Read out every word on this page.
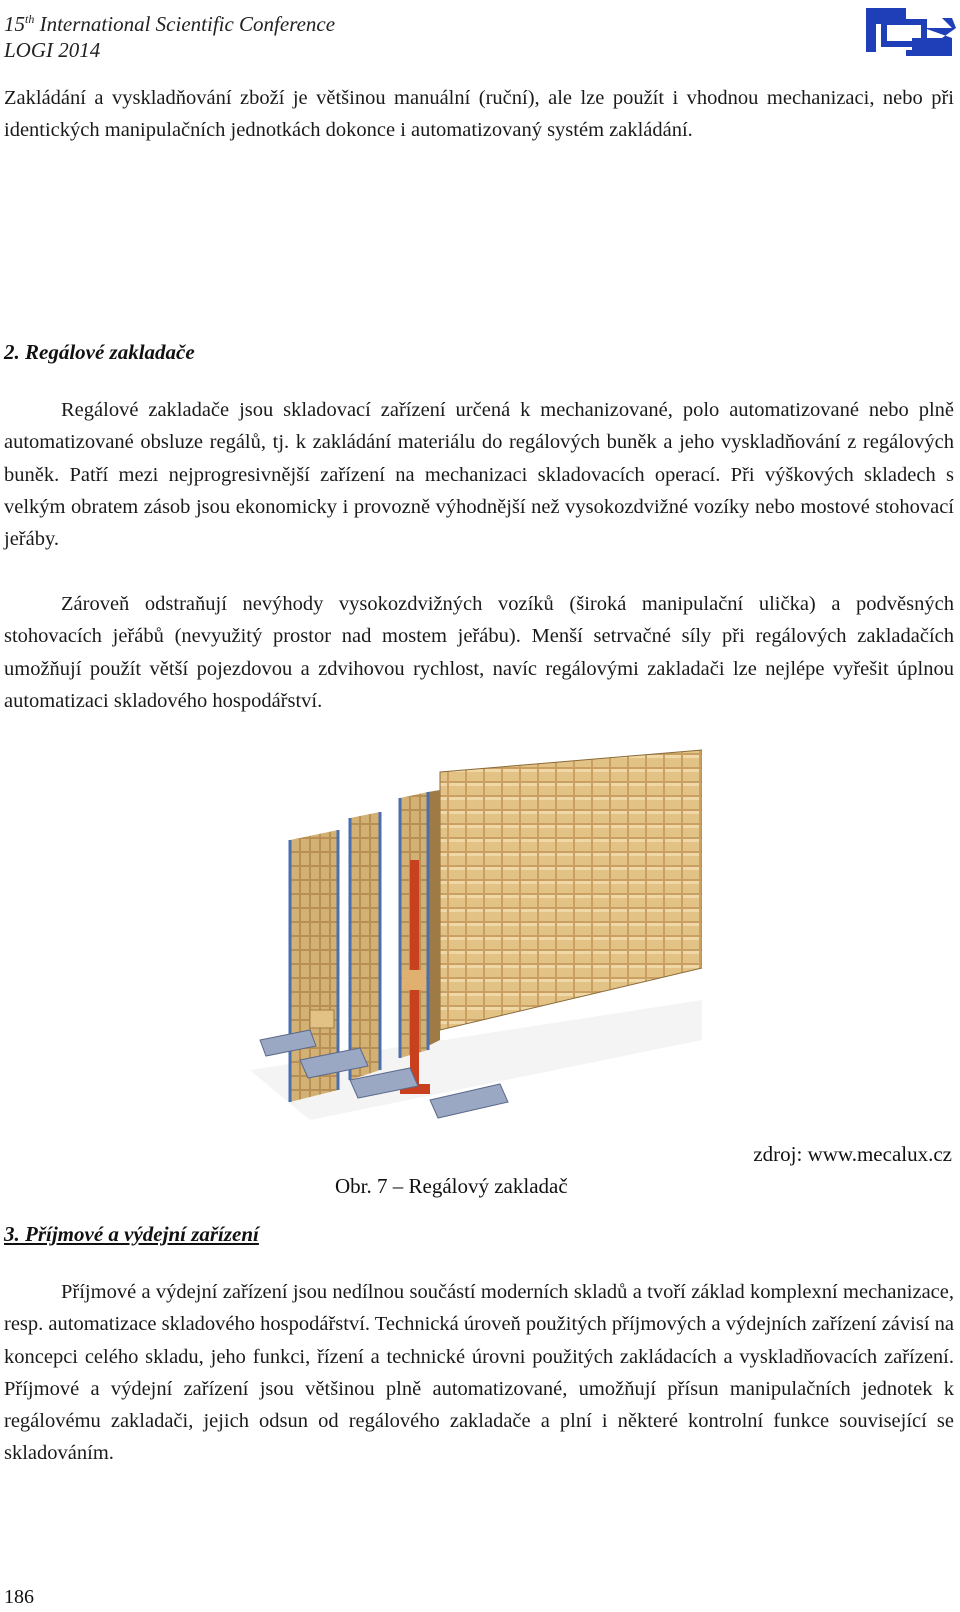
15th International Scientific Conference
LOGI 2014
Zakládání a vyskladňování zboží je většinou manuální (ruční), ale lze použít i vhodnou mechanizaci, nebo při identických manipulačních jednotkách dokonce i automatizovaný systém zakládání.
2. Regálové zakladače
Regálové zakladače jsou skladovací zařízení určená k mechanizované, polo automatizované nebo plně automatizované obsluze regálů, tj. k zakládání materiálu do regálových buněk a jeho vyskladňování z regálových buněk. Patří mezi nejprogresivnější zařízení na mechanizaci skladovacích operací. Při výškových skladech s velkým obratem zásob jsou ekonomicky i provozně výhodnější než vysokozdvižné vozíky nebo mostové stohovací jeřáby.
Zároveň odstraňují nevýhody vysokozdvižných vozíků (široká manipulační ulička) a podvěsných stohovacích jeřábů (nevyužitý prostor nad mostem jeřábu). Menší setrvačné síly při regálových zakladačích umožňují použít větší pojezdovou a zdvihovou rychlost, navíc regálovými zakladači lze nejlépe vyřešit úplnou automatizaci skladového hospodářství.
zdroj: www.mecalux.cz
Obr. 7 – Regálový zakladač
3. Příjmové a výdejní zařízení
Příjmové a výdejní zařízení jsou nedílnou součástí moderních skladů a tvoří základ komplexní mechanizace, resp. automatizace skladového hospodářství. Technická úroveň použitých příjmových a výdejních zařízení závisí na koncepci celého skladu, jeho funkci, řízení a technické úrovni použitých zakládacích a vyskladňovacích zařízení. Příjmové a výdejní zařízení jsou většinou plně automatizované, umožňují přísun manipulačních jednotek k regálovému zakladači, jejich odsun od regálového zakladače a plní i některé kontrolní funkce související se skladováním.
186
